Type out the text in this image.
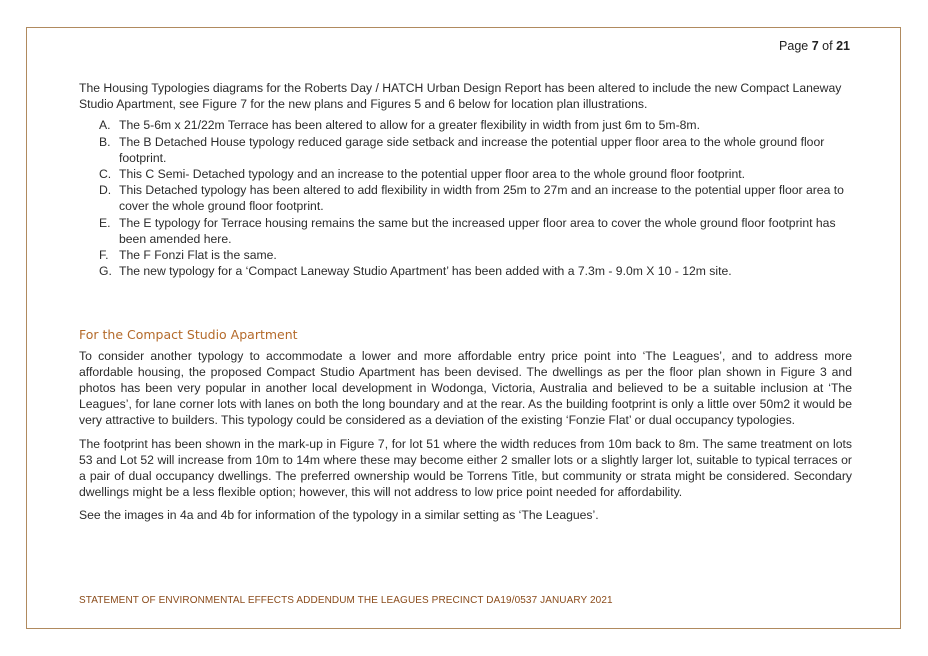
Page 7 of 21

The Housing Typologies diagrams for the Roberts Day / HATCH Urban Design Report has been altered to include the new Compact Laneway Studio Apartment, see Figure 7 for the new plans and Figures 5 and 6 below for location plan illustrations.

A. The 5-6m x 21/22m Terrace has been altered to allow for a greater flexibility in width from just 6m to 5m-8m.
B. The B Detached House typology reduced garage side setback and increase the potential upper floor area to the whole ground floor footprint.
C. This C Semi- Detached typology and an increase to the potential upper floor area to the whole ground floor footprint.
D. This Detached typology has been altered to add flexibility in width from 25m to 27m and an increase to the potential upper floor area to cover the whole ground floor footprint.
E. The E typology for Terrace housing remains the same but the increased upper floor area to cover the whole ground floor footprint has been amended here.
F. The F Fonzi Flat is the same.
G. The new typology for a ‘Compact Laneway Studio Apartment’ has been added with a 7.3m - 9.0m X 10 - 12m site.
For the Compact Studio Apartment

To consider another typology to accommodate a lower and more affordable entry price point into ‘The Leagues’, and to address more affordable housing, the proposed Compact Studio Apartment has been devised. The dwellings as per the floor plan shown in Figure 3 and photos has been very popular in another local development in Wodonga, Victoria, Australia and believed to be a suitable inclusion at ‘The Leagues’, for lane corner lots with lanes on both the long boundary and at the rear. As the building footprint is only a little over 50m2 it would be very attractive to builders. This typology could be considered as a deviation of the existing ‘Fonzie Flat’ or dual occupancy typologies.

The footprint has been shown in the mark-up in Figure 7, for lot 51 where the width reduces from 10m back to 8m. The same treatment on lots 53 and Lot 52 will increase from 10m to 14m where these may become either 2 smaller lots or a slightly larger lot, suitable to typical terraces or a pair of dual occupancy dwellings. The preferred ownership would be Torrens Title, but community or strata might be considered. Secondary dwellings might be a less flexible option; however, this will not address to low price point needed for affordability.

See the images in 4a and 4b for information of the typology in a similar setting as ‘The Leagues’.

STATEMENT OF ENVIRONMENTAL EFFECTS ADDENDUM THE LEAGUES PRECINCT DA19/0537 JANUARY 2021
